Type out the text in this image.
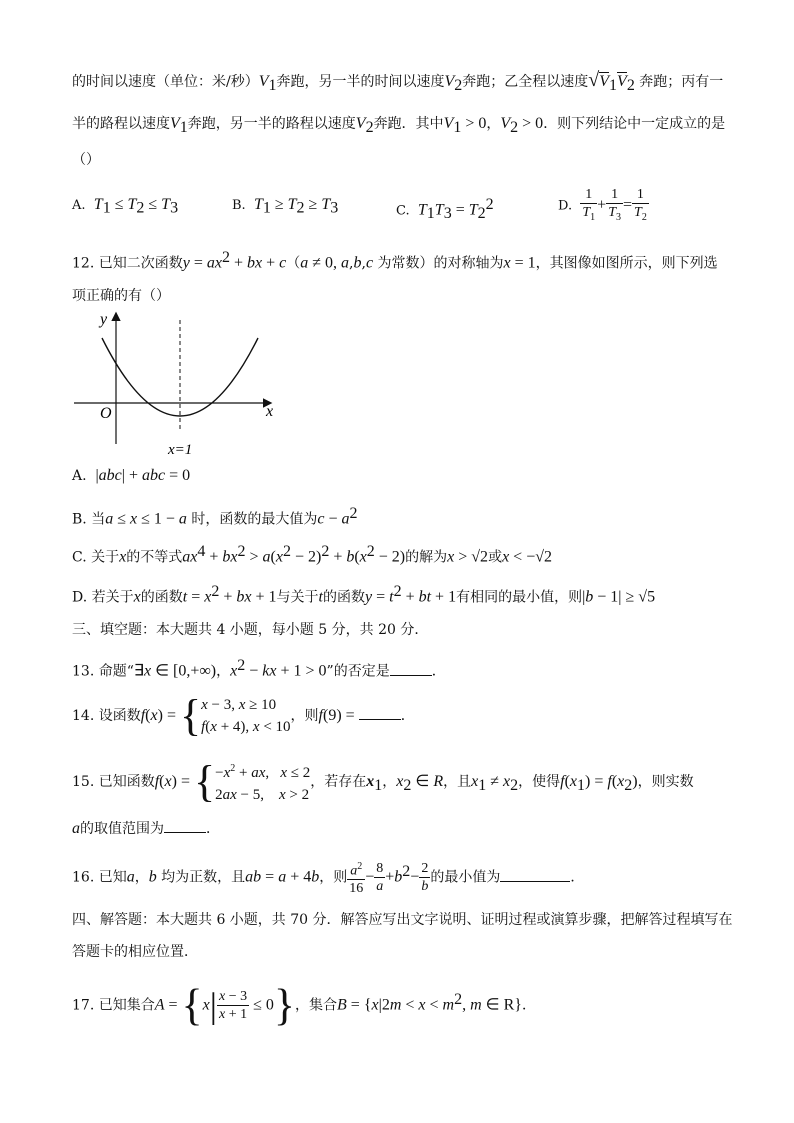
的时间以速度（单位：米/秒）$V_1$奔跑，另一半的时间以速度$V_2$奔跑；乙全程以速度$√V_1V_2$ 奔跑；丙有一
半的路程以速度$V_1$奔跑，另一半的路程以速度$V_2$奔跑．其中$V_1 > 0$，$V_2 > 0$．则下列结论中一定成立的是
（）
A. $T_1 \le T_2 \le T_3$	B. $T_1 \ge T_2 \ge T_3$	C. $T_1T_3 = T_2^2$	D. $\frac{1}{T_1} + \frac{1}{T_3} = \frac{1}{T_2}$
12. 已知二次函数$y = ax^2$ + bx + c（a ≠ 0, a,b,c 为常数）的对称轴为x = 1，其图像如图所示，则下列选
项正确的有（）
y
x
O
x=1
A. |abc| + abc = 0
B. 当a ≤ x ≤ 1 − a 时，函数的最大值为$c - a^2$
C. 关于x的不等式$ax^4 + bx^2 > a(x^2 - 2)^2 + b(x^2 - 2)$的解为x > √2或x < −√2
D. 若关于x的函数$t = x^2$ + bx + 1与关于t的函数$y = t^2$ + bt + 1有相同的最小值，则|b − 1| ≥ √5
三、填空题：本大题共 4 小题，每小题 5 分，共 20 分．
13. 命题“∃x ∈ [0,+∞)，$x^2$ − kx + 1 > 0”的否定是	．
14. 设函数f(x) = { x − 3, x ≥ 10
f(x + 4), x < 10
，则f(9) =	．
15. 已知函数f(x) = { $-x^2$ + ax,   x ≤ 2
2ax − 5,    x > 2
，若存在$x_1$，$x_2$ ∈ R，且$x_1 \ne x_2$，使得$f(x_1) = f(x_2)$，则实数
a的取值范围为	．
16. 已知a，b 均为正数，且ab = a + 4b，则 $\frac{a^2}{16} - \frac{8}{a} +b^2- \frac{2}{b}$ 的最小值为	．
四、解答题：本大题共 6 小题，共 70 分．解答应写出文字说明、证明过程或演算步骤，把解答过程填写在
答题卡的相应位置．
17. 已知集合$A = \{x| \frac{x - 3}{x + 1} \le 0\}$，集合$B = \{x|2m < x < m^2$, m ∈ R}．
